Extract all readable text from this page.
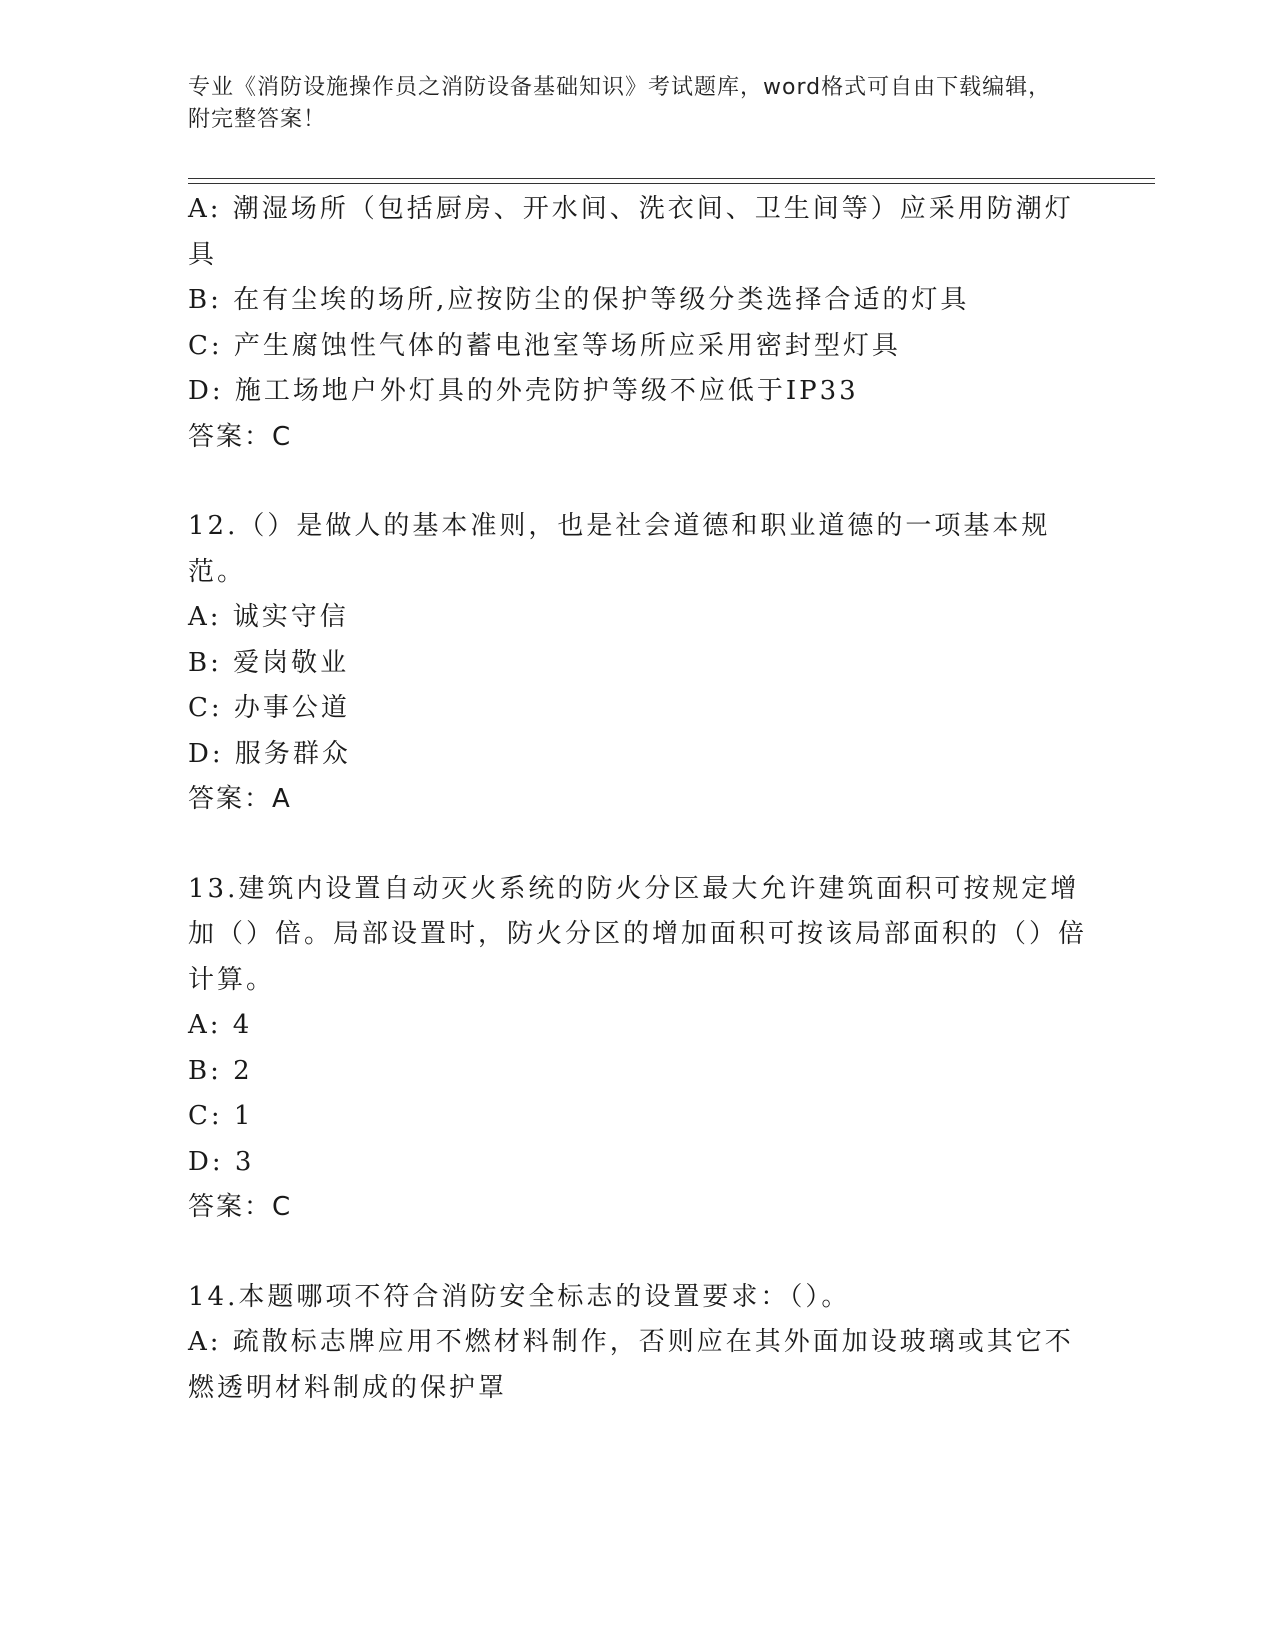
专业《消防设施操作员之消防设备基础知识》考试题库，word格式可自由下载编辑，附完整答案！

A: 潮湿场所（包括厨房、开水间、洗衣间、卫生间等）应采用防潮灯具

B: 在有尘埃的场所,应按防尘的保护等级分类选择合适的灯具

C: 产生腐蚀性气体的蓄电池室等场所应采用密封型灯具

D: 施工场地户外灯具的外壳防护等级不应低于IP33

答案：C

12.（）是做人的基本准则，也是社会道德和职业道德的一项基本规范。

A: 诚实守信

B: 爱岗敬业

C: 办事公道

D: 服务群众

答案：A

13.建筑内设置自动灭火系统的防火分区最大允许建筑面积可按规定增加（）倍。局部设置时，防火分区的增加面积可按该局部面积的（）倍计算。

A: 4

B: 2

C: 1

D: 3

答案：C

14.本题哪项不符合消防安全标志的设置要求：（）。

A: 疏散标志牌应用不燃材料制作，否则应在其外面加设玻璃或其它不燃透明材料制成的保护罩
